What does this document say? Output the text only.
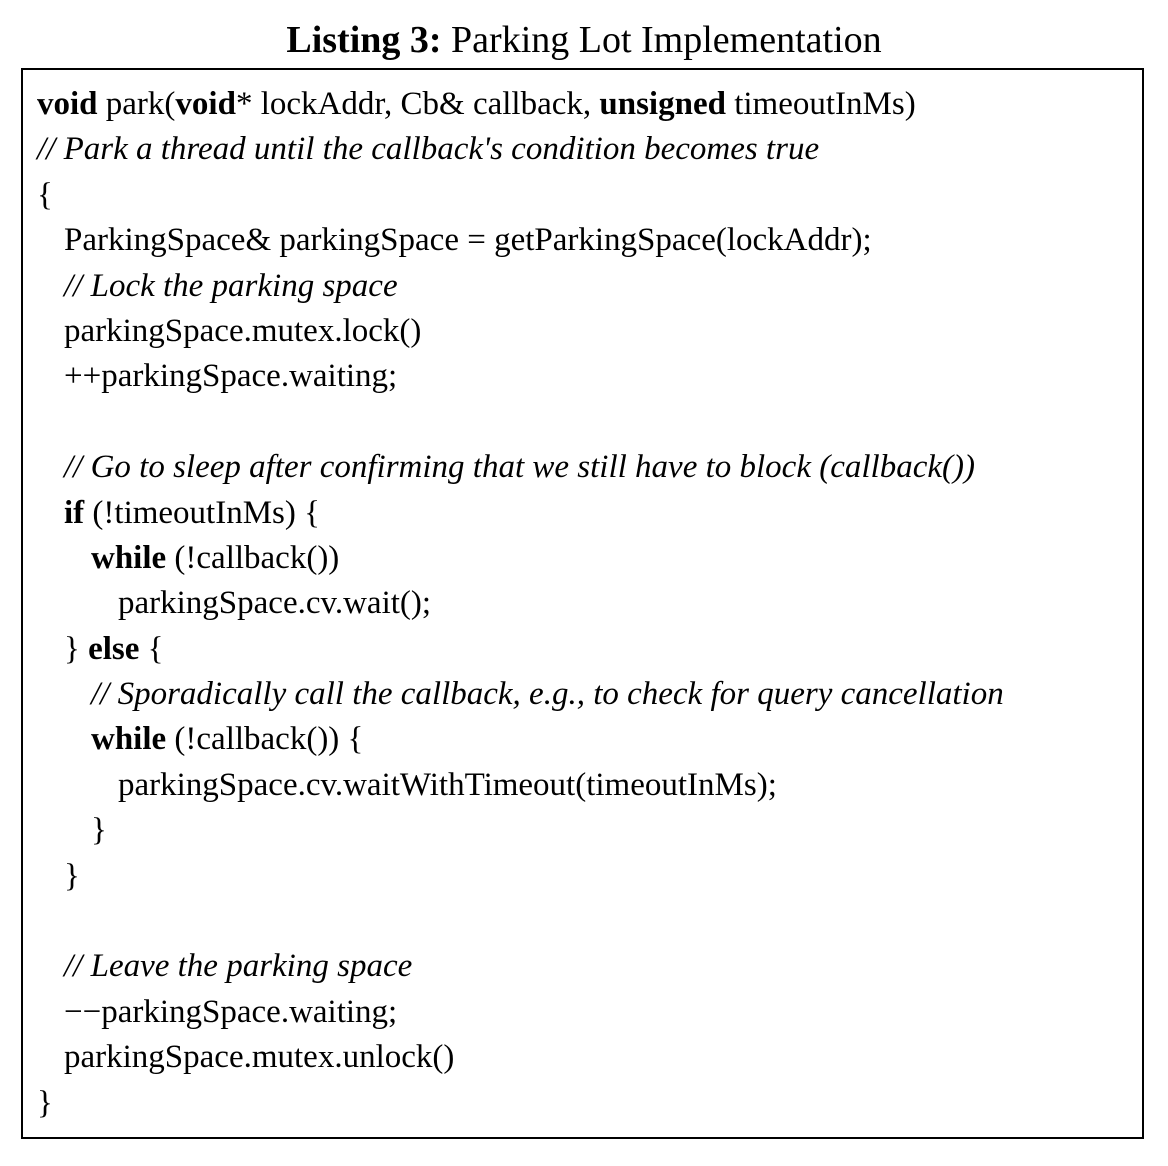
Listing 3: Parking Lot Implementation
void park(void* lockAddr, Cb& callback, unsigned timeoutInMs)
// Park a thread until the callback's condition becomes true
{
ParkingSpace& parkingSpace = getParkingSpace(lockAddr);
// Lock the parking space
parkingSpace.mutex.lock()
++parkingSpace.waiting;
// Go to sleep after confirming that we still have to block (callback())
if (!timeoutInMs) {
while (!callback())
parkingSpace.cv.wait();
} else {
// Sporadically call the callback, e.g., to check for query cancellation
while (!callback()) {
parkingSpace.cv.waitWithTimeout(timeoutInMs);
}
}
// Leave the parking space
−−parkingSpace.waiting;
parkingSpace.mutex.unlock()
}
